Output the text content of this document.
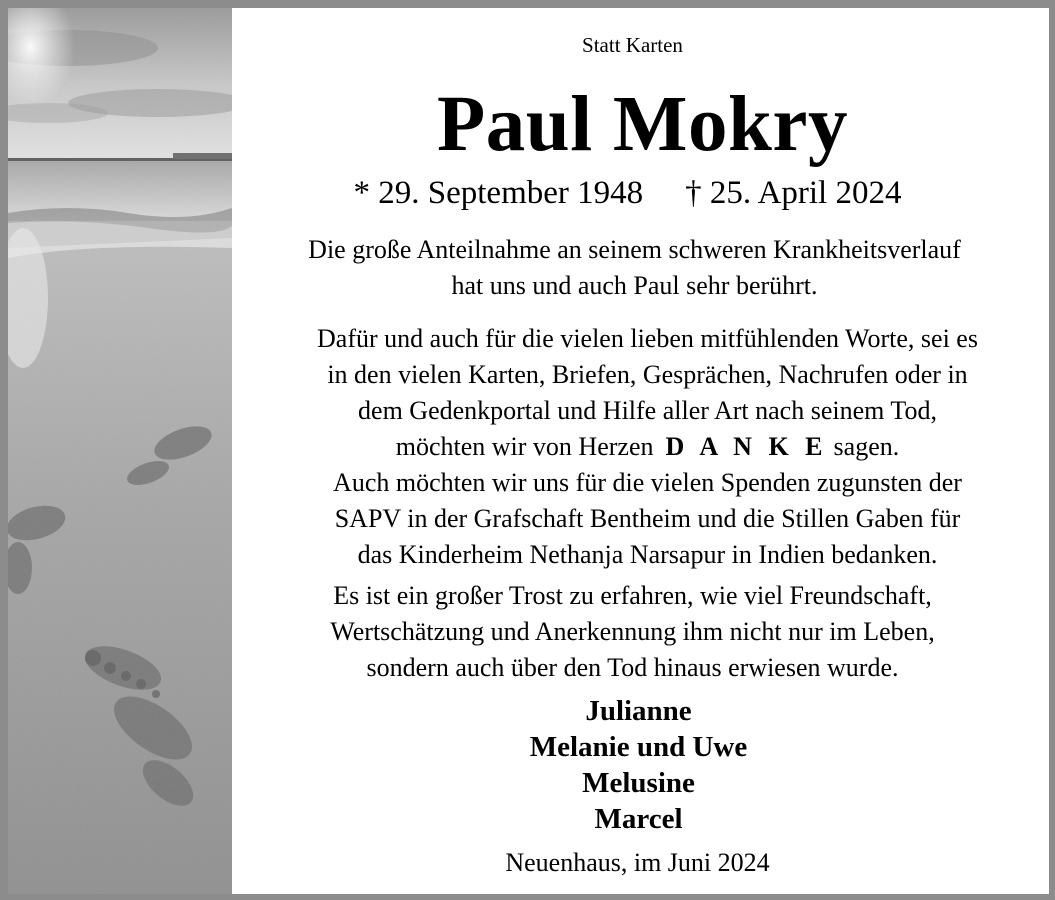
Statt Karten
Paul Mokry
* 29. September 1948 † 25. April 2024
Die große Anteilnahme an seinem schweren Krankheitsverlauf
hat uns und auch Paul sehr berührt.
Dafür und auch für die vielen lieben mitfühlenden Worte, sei es
in den vielen Karten, Briefen, Gesprächen, Nachrufen oder in
dem Gedenkportal und Hilfe aller Art nach seinem Tod,
möchten wir von Herzen D A N K E sagen.
Auch möchten wir uns für die vielen Spenden zugunsten der
SAPV in der Grafschaft Bentheim und die Stillen Gaben für
das Kinderheim Nethanja Narsapur in Indien bedanken.
Es ist ein großer Trost zu erfahren, wie viel Freundschaft,
Wertschätzung und Anerkennung ihm nicht nur im Leben,
sondern auch über den Tod hinaus erwiesen wurde.
Julianne
Melanie und Uwe
Melusine
Marcel
Neuenhaus, im Juni 2024
